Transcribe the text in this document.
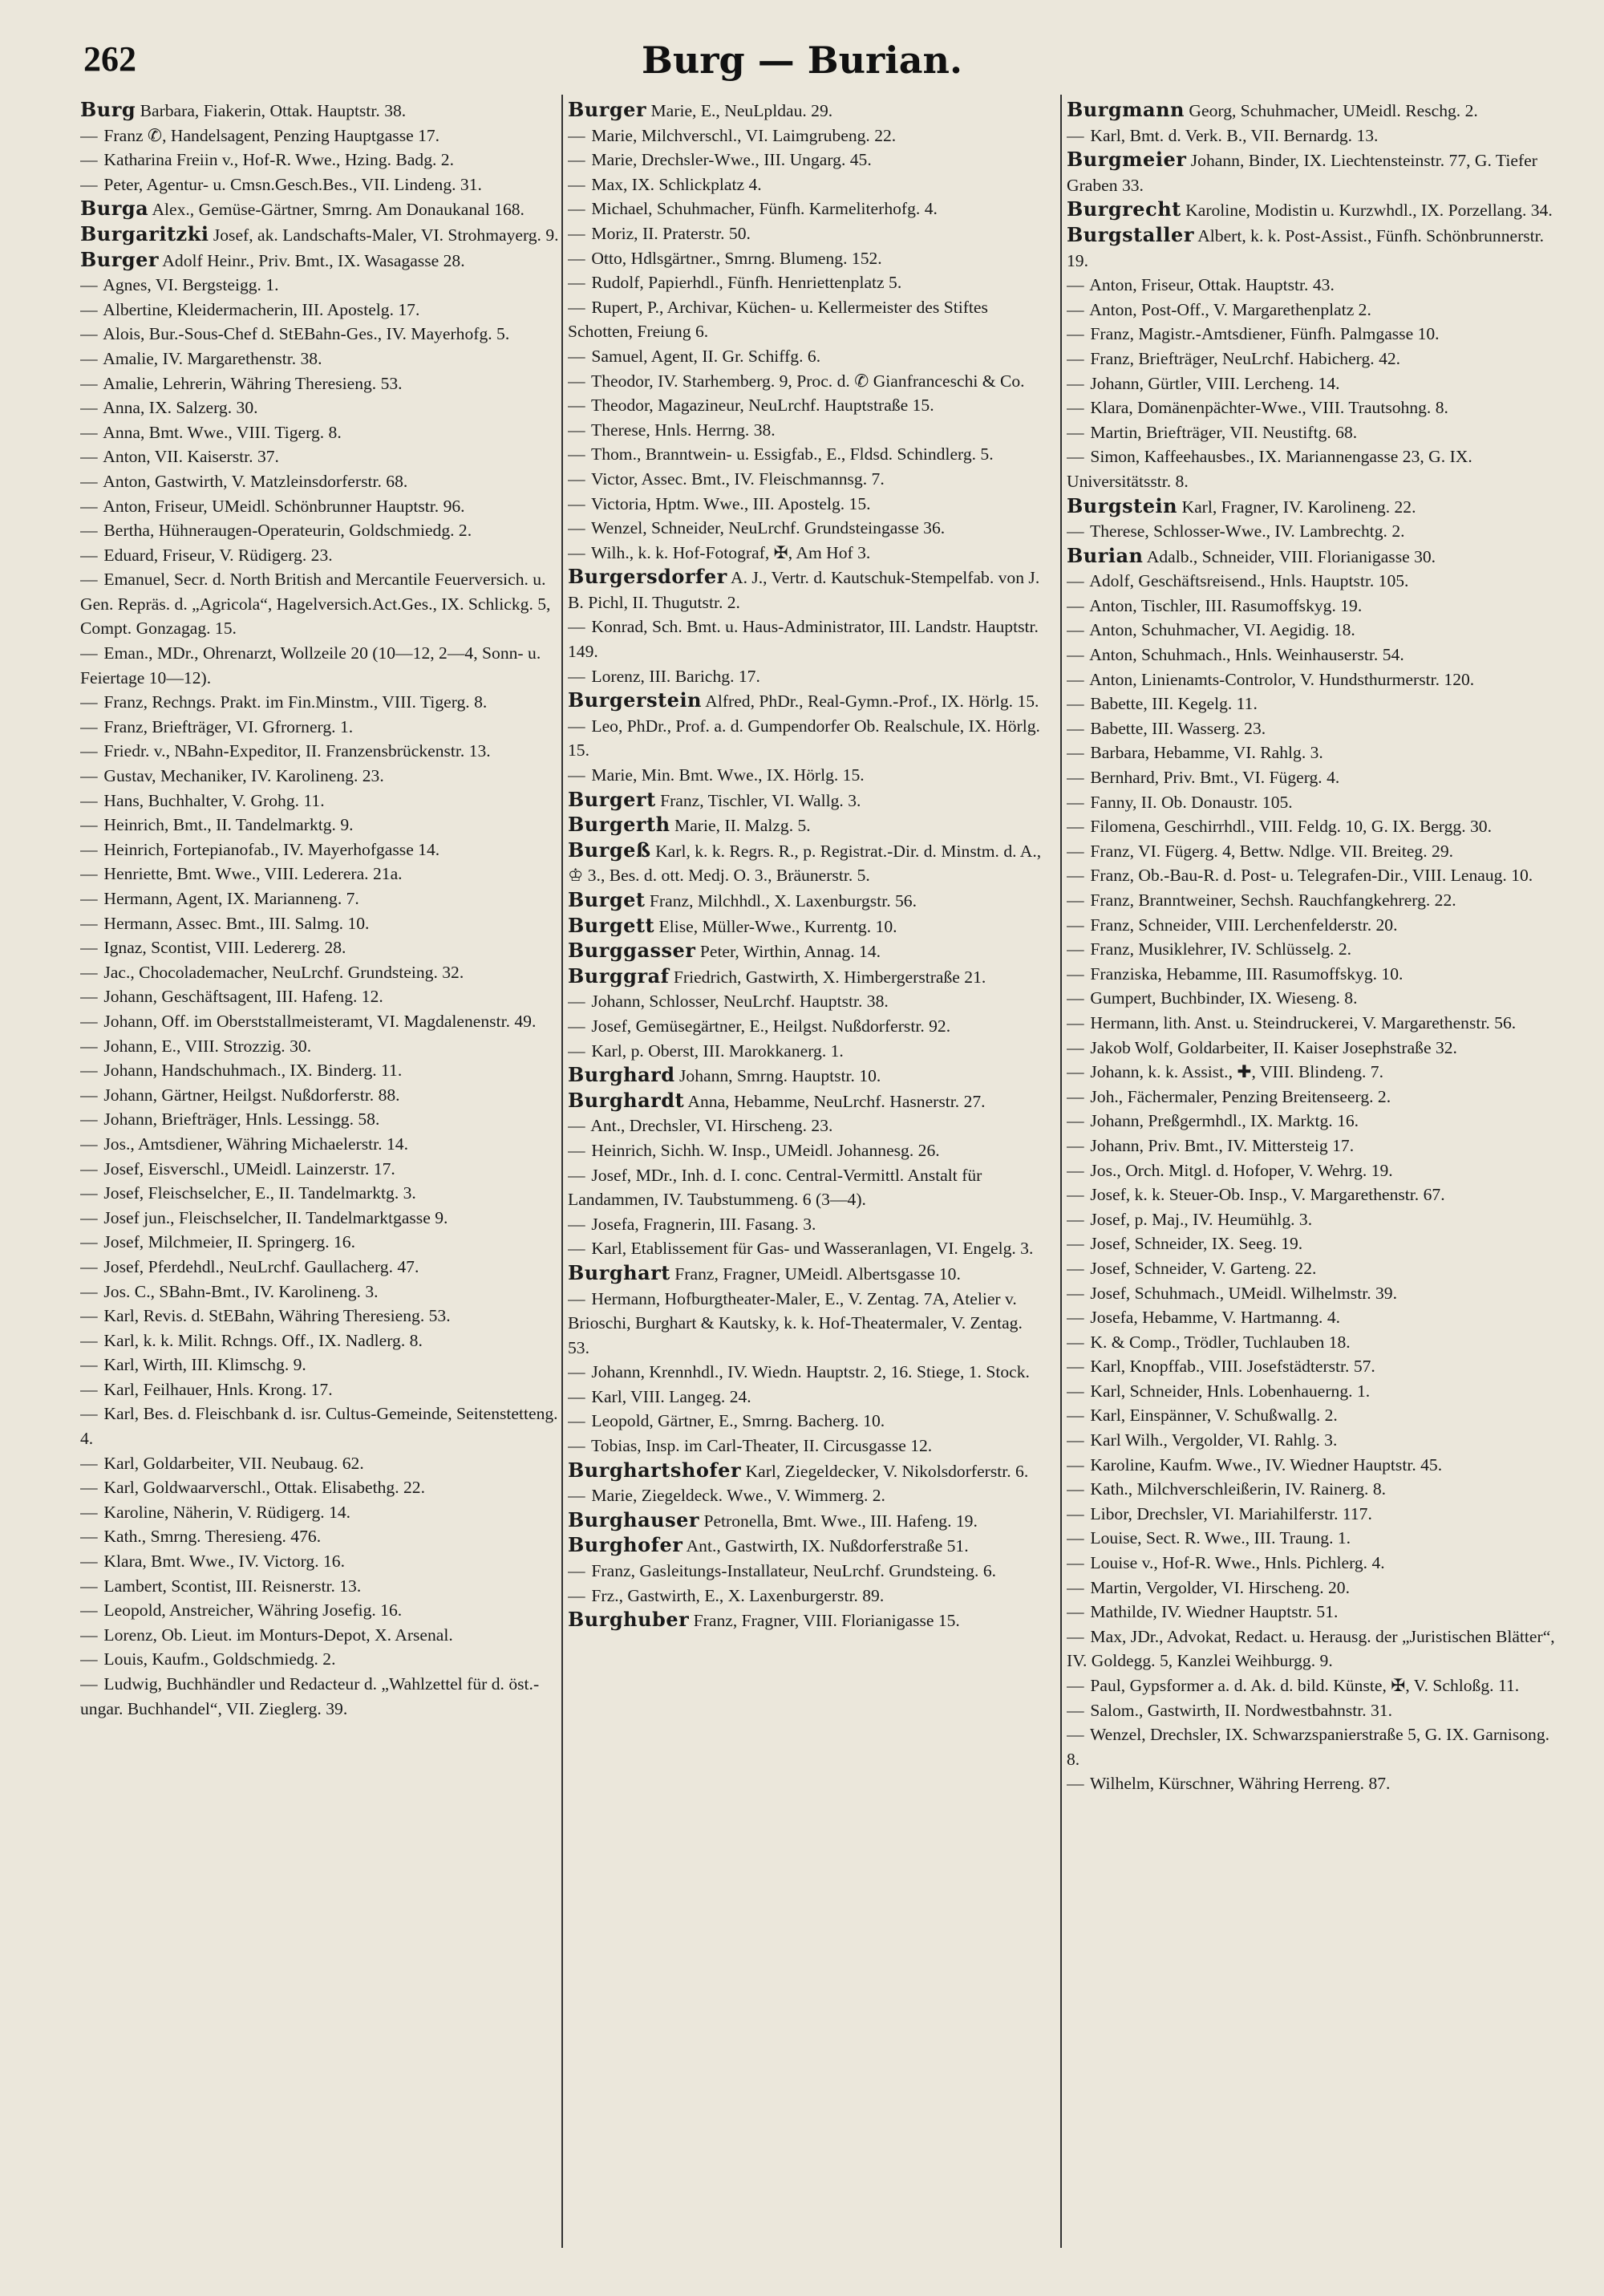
262	Burg — Burian.
Burg Barbara, Fiakerin, Ottak. Hauptstr. 38.
— Franz ✆, Handelsagent, Penzing Hauptgasse 17.
— Katharina Freiin v., Hof-R. Wwe., Hzing. Badg. 2.
— Peter, Agentur- u. Cmsn.Gesch.Bes., VII. Lindeng. 31.
Burga Alex., Gemüse-Gärtner, Smrng. Am Donaukanal 168.
Burgaritzki Josef, ak. Landschafts-Maler, VI. Strohmayerg. 9.
Burger Adolf Heinr., Priv. Bmt., IX. Wasagasse 28.
— Agnes, VI. Bergsteigg. 1.
— Albertine, Kleidermacherin, III. Apostelg. 17.
— Alois, Bur.-Sous-Chef d. StEBahn-Ges., IV. Mayerhofg. 5.
— Amalie, IV. Margarethenstr. 38.
— Amalie, Lehrerin, Währing Theresieng. 53.
— Anna, IX. Salzerg. 30.
— Anna, Bmt. Wwe., VIII. Tigerg. 8.
— Anton, VII. Kaiserstr. 37.
— Anton, Gastwirth, V. Matzleinsdorferstr. 68.
— Anton, Friseur, UMeidl. Schönbrunner Hauptstr. 96.
— Bertha, Hühneraugen-Operateurin, Goldschmiedg. 2.
— Eduard, Friseur, V. Rüdigerg. 23.
— Emanuel, Secr. d. North British and Mercantile Feuerversich. u. Gen. Repräs. d. „Agricola“, Hagelversich.Act.Ges., IX. Schlickg. 5, Compt. Gonzagag. 15.
— Eman., MDr., Ohrenarzt, Wollzeile 20 (10—12, 2—4, Sonn- u. Feiertage 10—12).
— Franz, Rechngs. Prakt. im Fin.Minstm., VIII. Tigerg. 8.
— Franz, Briefträger, VI. Gfrornerg. 1.
— Friedr. v., NBahn-Expeditor, II. Franzensbrückenstr. 13.
— Gustav, Mechaniker, IV. Karolineng. 23.
— Hans, Buchhalter, V. Grohg. 11.
— Heinrich, Bmt., II. Tandelmarktg. 9.
— Heinrich, Fortepianofab., IV. Mayerhofgasse 14.
— Henriette, Bmt. Wwe., VIII. Lederera. 21a.
— Hermann, Agent, IX. Marianneng. 7.
— Hermann, Assec. Bmt., III. Salmg. 10.
— Ignaz, Scontist, VIII. Ledererg. 28.
— Jac., Chocolademacher, NeuLrchf. Grundsteing. 32.
— Johann, Geschäftsagent, III. Hafeng. 12.
— Johann, Off. im Oberststallmeisteramt, VI. Magdalenenstr. 49.
— Johann, E., VIII. Strozzig. 30.
— Johann, Handschuhmach., IX. Binderg. 11.
— Johann, Gärtner, Heilgst. Nußdorferstr. 88.
— Johann, Briefträger, Hnls. Lessingg. 58.
— Jos., Amtsdiener, Währing Michaelerstr. 14.
— Josef, Eisverschl., UMeidl. Lainzerstr. 17.
— Josef, Fleischselcher, E., II. Tandelmarktg. 3.
— Josef jun., Fleischselcher, II. Tandelmarktgasse 9.
— Josef, Milchmeier, II. Springerg. 16.
— Josef, Pferdehdl., NeuLrchf. Gaullacherg. 47.
— Jos. C., SBahn-Bmt., IV. Karolineng. 3.
— Karl, Revis. d. StEBahn, Währing Theresieng. 53.
— Karl, k. k. Milit. Rchngs. Off., IX. Nadlerg. 8.
— Karl, Wirth, III. Klimschg. 9.
— Karl, Feilhauer, Hnls. Krong. 17.
— Karl, Bes. d. Fleischbank d. isr. Cultus-Gemeinde, Seitenstetteng. 4.
— Karl, Goldarbeiter, VII. Neubaug. 62.
— Karl, Goldwaarverschl., Ottak. Elisabethg. 22.
— Karoline, Näherin, V. Rüdigerg. 14.
— Kath., Smrng. Theresieng. 476.
— Klara, Bmt. Wwe., IV. Victorg. 16.
— Lambert, Scontist, III. Reisnerstr. 13.
— Leopold, Anstreicher, Währing Josefig. 16.
— Lorenz, Ob. Lieut. im Monturs-Depot, X. Arsenal.
— Louis, Kaufm., Goldschmiedg. 2.
— Ludwig, Buchhändler und Redacteur d. „Wahlzettel für d. öst.-ungar. Buchhandel“, VII. Zieglerg. 39.
Burger Marie, E., NeuLpldau. 29.
— Marie, Milchverschl., VI. Laimgrubeng. 22.
— Marie, Drechsler-Wwe., III. Ungarg. 45.
— Max, IX. Schlickplatz 4.
— Michael, Schuhmacher, Fünfh. Karmeliterhofg. 4.
— Moriz, II. Praterstr. 50.
— Otto, Hdlsgärtner., Smrng. Blumeng. 152.
— Rudolf, Papierhdl., Fünfh. Henriettenplatz 5.
— Rupert, P., Archivar, Küchen- u. Kellermeister des Stiftes Schotten, Freiung 6.
— Samuel, Agent, II. Gr. Schiffg. 6.
— Theodor, IV. Starhemberg. 9, Proc. d. ✆ Gianfranceschi & Co.
— Theodor, Magazineur, NeuLrchf. Hauptstraße 15.
— Therese, Hnls. Herrng. 38.
— Thom., Branntwein- u. Essigfab., E., Fldsd. Schindlerg. 5.
— Victor, Assec. Bmt., IV. Fleischmannsg. 7.
— Victoria, Hptm. Wwe., III. Apostelg. 15.
— Wenzel, Schneider, NeuLrchf. Grundsteingasse 36.
— Wilh., k. k. Hof-Fotograf, ✠, Am Hof 3.
Burgersdorfer A. J., Vertr. d. Kautschuk-Stempelfab. von J. B. Pichl, II. Thugutstr. 2.
— Konrad, Sch. Bmt. u. Haus-Administrator, III. Landstr. Hauptstr. 149.
— Lorenz, III. Barichg. 17.
Burgerstein Alfred, PhDr., Real-Gymn.-Prof., IX. Hörlg. 15.
— Leo, PhDr., Prof. a. d. Gumpendorfer Ob. Realschule, IX. Hörlg. 15.
— Marie, Min. Bmt. Wwe., IX. Hörlg. 15.
Burgert Franz, Tischler, VI. Wallg. 3.
Burgerth Marie, II. Malzg. 5.
Burgeß Karl, k. k. Regrs. R., p. Registrat.-Dir. d. Minstm. d. A., ♔ 3., Bes. d. ott. Medj. O. 3., Bräunerstr. 5.
Burget Franz, Milchhdl., X. Laxenburgstr. 56.
Burgett Elise, Müller-Wwe., Kurrentg. 10.
Burggasser Peter, Wirthin, Annag. 14.
Burggraf Friedrich, Gastwirth, X. Himbergerstraße 21.
— Johann, Schlosser, NeuLrchf. Hauptstr. 38.
— Josef, Gemüsegärtner, E., Heilgst. Nußdorferstr. 92.
— Karl, p. Oberst, III. Marokkanerg. 1.
Burghard Johann, Smrng. Hauptstr. 10.
Burghardt Anna, Hebamme, NeuLrchf. Hasnerstr. 27.
— Ant., Drechsler, VI. Hirscheng. 23.
— Heinrich, Sichh. W. Insp., UMeidl. Johannesg. 26.
— Josef, MDr., Inh. d. I. conc. Central-Vermittl. Anstalt für Landammen, IV. Taubstummeng. 6 (3—4).
— Josefa, Fragnerin, III. Fasang. 3.
— Karl, Etablissement für Gas- und Wasseranlagen, VI. Engelg. 3.
Burghart Franz, Fragner, UMeidl. Albertsgasse 10.
— Hermann, Hofburgtheater-Maler, E., V. Zentag. 7A, Atelier v. Brioschi, Burghart & Kautsky, k. k. Hof-Theatermaler, V. Zentag. 53.
— Johann, Krennhdl., IV. Wiedn. Hauptstr. 2, 16. Stiege, 1. Stock.
— Karl, VIII. Langeg. 24.
— Leopold, Gärtner, E., Smrng. Bacherg. 10.
— Tobias, Insp. im Carl-Theater, II. Circusgasse 12.
Burghartshofer Karl, Ziegeldecker, V. Nikolsdorferstr. 6.
— Marie, Ziegeldeck. Wwe., V. Wimmerg. 2.
Burghauser Petronella, Bmt. Wwe., III. Hafeng. 19.
Burghofer Ant., Gastwirth, IX. Nußdorferstraße 51.
— Franz, Gasleitungs-Installateur, NeuLrchf. Grundsteing. 6.
— Frz., Gastwirth, E., X. Laxenburgerstr. 89.
Burghuber Franz, Fragner, VIII. Florianigasse 15.
Burgmann Georg, Schuhmacher, UMeidl. Reschg. 2.
— Karl, Bmt. d. Verk. B., VII. Bernardg. 13.
Burgmeier Johann, Binder, IX. Liechtensteinstr. 77, G. Tiefer Graben 33.
Burgrecht Karoline, Modistin u. Kurzwhdl., IX. Porzellang. 34.
Burgstaller Albert, k. k. Post-Assist., Fünfh. Schönbrunnerstr. 19.
— Anton, Friseur, Ottak. Hauptstr. 43.
— Anton, Post-Off., V. Margarethenplatz 2.
— Franz, Magistr.-Amtsdiener, Fünfh. Palmgasse 10.
— Franz, Briefträger, NeuLrchf. Habicherg. 42.
— Johann, Gürtler, VIII. Lercheng. 14.
— Klara, Domänenpächter-Wwe., VIII. Trautsohng. 8.
— Martin, Briefträger, VII. Neustiftg. 68.
— Simon, Kaffeehausbes., IX. Mariannengasse 23, G. IX. Universitätsstr. 8.
Burgstein Karl, Fragner, IV. Karolineng. 22.
— Therese, Schlosser-Wwe., IV. Lambrechtg. 2.
Burian Adalb., Schneider, VIII. Florianigasse 30.
— Adolf, Geschäftsreisend., Hnls. Hauptstr. 105.
— Anton, Tischler, III. Rasumoffskyg. 19.
— Anton, Schuhmacher, VI. Aegidig. 18.
— Anton, Schuhmach., Hnls. Weinhauserstr. 54.
— Anton, Linienamts-Controlor, V. Hundsthurmerstr. 120.
— Babette, III. Kegelg. 11.
— Babette, III. Wasserg. 23.
— Barbara, Hebamme, VI. Rahlg. 3.
— Bernhard, Priv. Bmt., VI. Fügerg. 4.
— Fanny, II. Ob. Donaustr. 105.
— Filomena, Geschirrhdl., VIII. Feldg. 10, G. IX. Bergg. 30.
— Franz, VI. Fügerg. 4, Bettw. Ndlge. VII. Breiteg. 29.
— Franz, Ob.-Bau-R. d. Post- u. Telegrafen-Dir., VIII. Lenaug. 10.
— Franz, Branntweiner, Sechsh. Rauchfangkehrerg. 22.
— Franz, Schneider, VIII. Lerchenfelderstr. 20.
— Franz, Musiklehrer, IV. Schlüsselg. 2.
— Franziska, Hebamme, III. Rasumoffskyg. 10.
— Gumpert, Buchbinder, IX. Wieseng. 8.
— Hermann, lith. Anst. u. Steindruckerei, V. Margarethenstr. 56.
— Jakob Wolf, Goldarbeiter, II. Kaiser Josephstraße 32.
— Johann, k. k. Assist., ✚, VIII. Blindeng. 7.
— Joh., Fächermaler, Penzing Breitenseerg. 2.
— Johann, Preßgermhdl., IX. Marktg. 16.
— Johann, Priv. Bmt., IV. Mittersteig 17.
— Jos., Orch. Mitgl. d. Hofoper, V. Wehrg. 19.
— Josef, k. k. Steuer-Ob. Insp., V. Margarethenstr. 67.
— Josef, p. Maj., IV. Heumühlg. 3.
— Josef, Schneider, IX. Seeg. 19.
— Josef, Schneider, V. Garteng. 22.
— Josef, Schuhmach., UMeidl. Wilhelmstr. 39.
— Josefa, Hebamme, V. Hartmanng. 4.
— K. & Comp., Trödler, Tuchlauben 18.
— Karl, Knopffab., VIII. Josefstädterstr. 57.
— Karl, Schneider, Hnls. Lobenhauerng. 1.
— Karl, Einspänner, V. Schußwallg. 2.
— Karl Wilh., Vergolder, VI. Rahlg. 3.
— Karoline, Kaufm. Wwe., IV. Wiedner Hauptstr. 45.
— Kath., Milchverschleißerin, IV. Rainerg. 8.
— Libor, Drechsler, VI. Mariahilferstr. 117.
— Louise, Sect. R. Wwe., III. Traung. 1.
— Louise v., Hof-R. Wwe., Hnls. Pichlerg. 4.
— Martin, Vergolder, VI. Hirscheng. 20.
— Mathilde, IV. Wiedner Hauptstr. 51.
— Max, JDr., Advokat, Redact. u. Herausg. der „Juristischen Blätter“, IV. Goldegg. 5, Kanzlei Weihburgg. 9.
— Paul, Gypsformer a. d. Ak. d. bild. Künste, ✠, V. Schloßg. 11.
— Salom., Gastwirth, II. Nordwestbahnstr. 31.
— Wenzel, Drechsler, IX. Schwarzspanierstraße 5, G. IX. Garnisong. 8.
— Wilhelm, Kürschner, Währing Herreng. 87.
